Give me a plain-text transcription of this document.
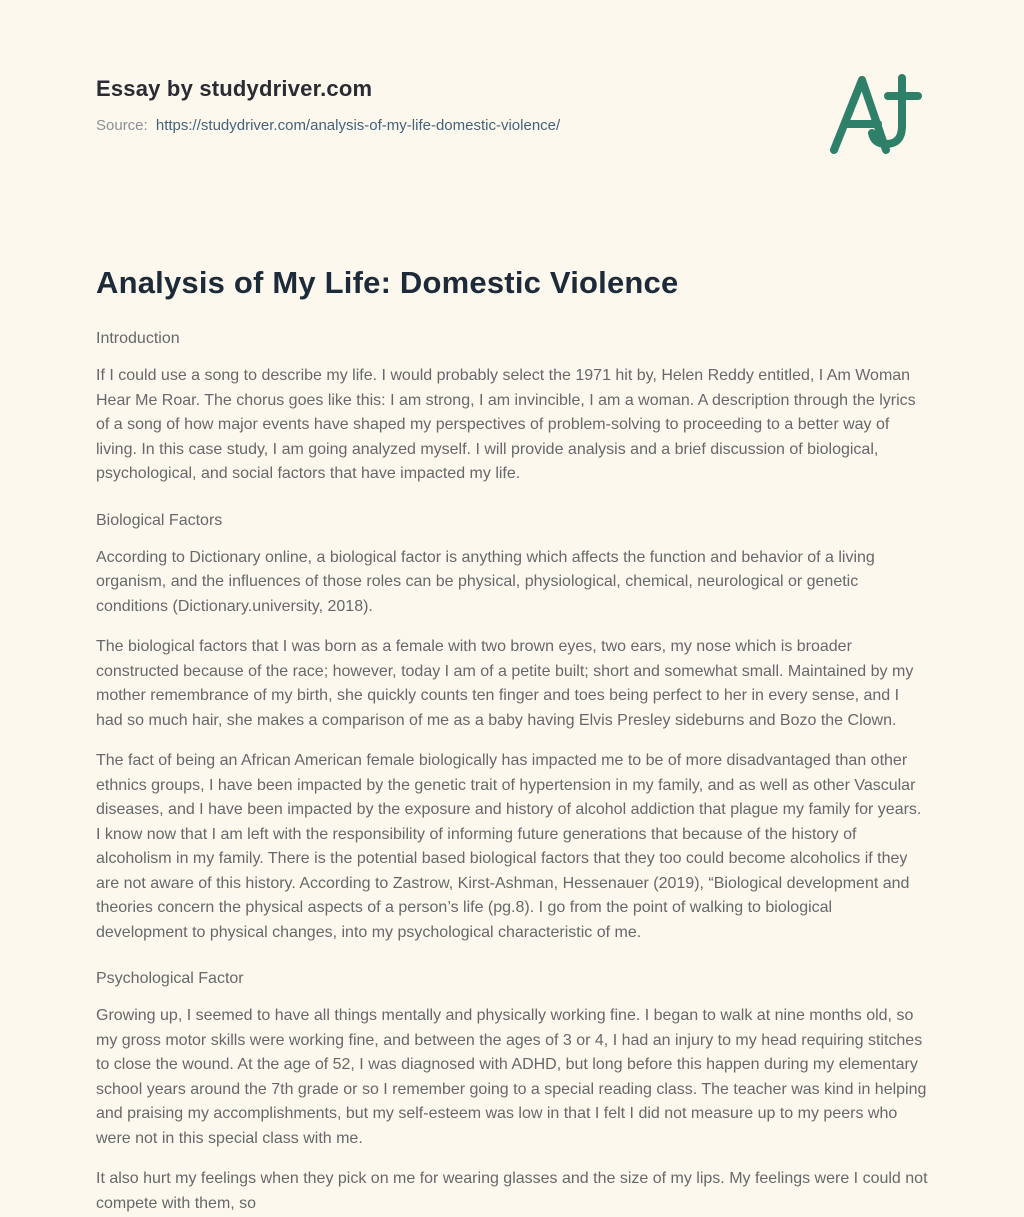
Essay by studydriver.com

Source: https://studydriver.com/analysis-of-my-life-domestic-violence/

Analysis of My Life: Domestic Violence
Introduction

If I could use a song to describe my life. I would probably select the 1971 hit by, Helen Reddy entitled, I Am Woman Hear Me Roar. The chorus goes like this: I am strong, I am invincible, I am a woman. A description through the lyrics of a song of how major events have shaped my perspectives of problem-solving to proceeding to a better way of living. In this case study, I am going analyzed myself. I will provide analysis and a brief discussion of biological, psychological, and social factors that have impacted my life.

Biological Factors

According to Dictionary online, a biological factor is anything which affects the function and behavior of a living organism, and the influences of those roles can be physical, physiological, chemical, neurological or genetic conditions (Dictionary.university, 2018).

The biological factors that I was born as a female with two brown eyes, two ears, my nose which is broader constructed because of the race; however, today I am of a petite built; short and somewhat small. Maintained by my mother remembrance of my birth, she quickly counts ten finger and toes being perfect to her in every sense, and I had so much hair, she makes a comparison of me as a baby having Elvis Presley sideburns and Bozo the Clown.

The fact of being an African American female biologically has impacted me to be of more disadvantaged than other ethnics groups, I have been impacted by the genetic trait of hypertension in my family, and as well as other Vascular diseases, and I have been impacted by the exposure and history of alcohol addiction that plague my family for years. I know now that I am left with the responsibility of informing future generations that because of the history of alcoholism in my family. There is the potential based biological factors that they too could become alcoholics if they are not aware of this history. According to Zastrow, Kirst-Ashman, Hessenauer (2019), “Biological development and theories concern the physical aspects of a person’s life (pg.8). I go from the point of walking to biological development to physical changes, into my psychological characteristic of me.

Psychological Factor

Growing up, I seemed to have all things mentally and physically working fine. I began to walk at nine months old, so my gross motor skills were working fine, and between the ages of 3 or 4, I had an injury to my head requiring stitches to close the wound. At the age of 52, I was diagnosed with ADHD, but long before this happen during my elementary school years around the 7th grade or so I remember going to a special reading class. The teacher was kind in helping and praising my accomplishments, but my self-esteem was low in that I felt I did not measure up to my peers who were not in this special class with me.

It also hurt my feelings when they pick on me for wearing glasses and the size of my lips. My feelings were I could not compete with them, so
